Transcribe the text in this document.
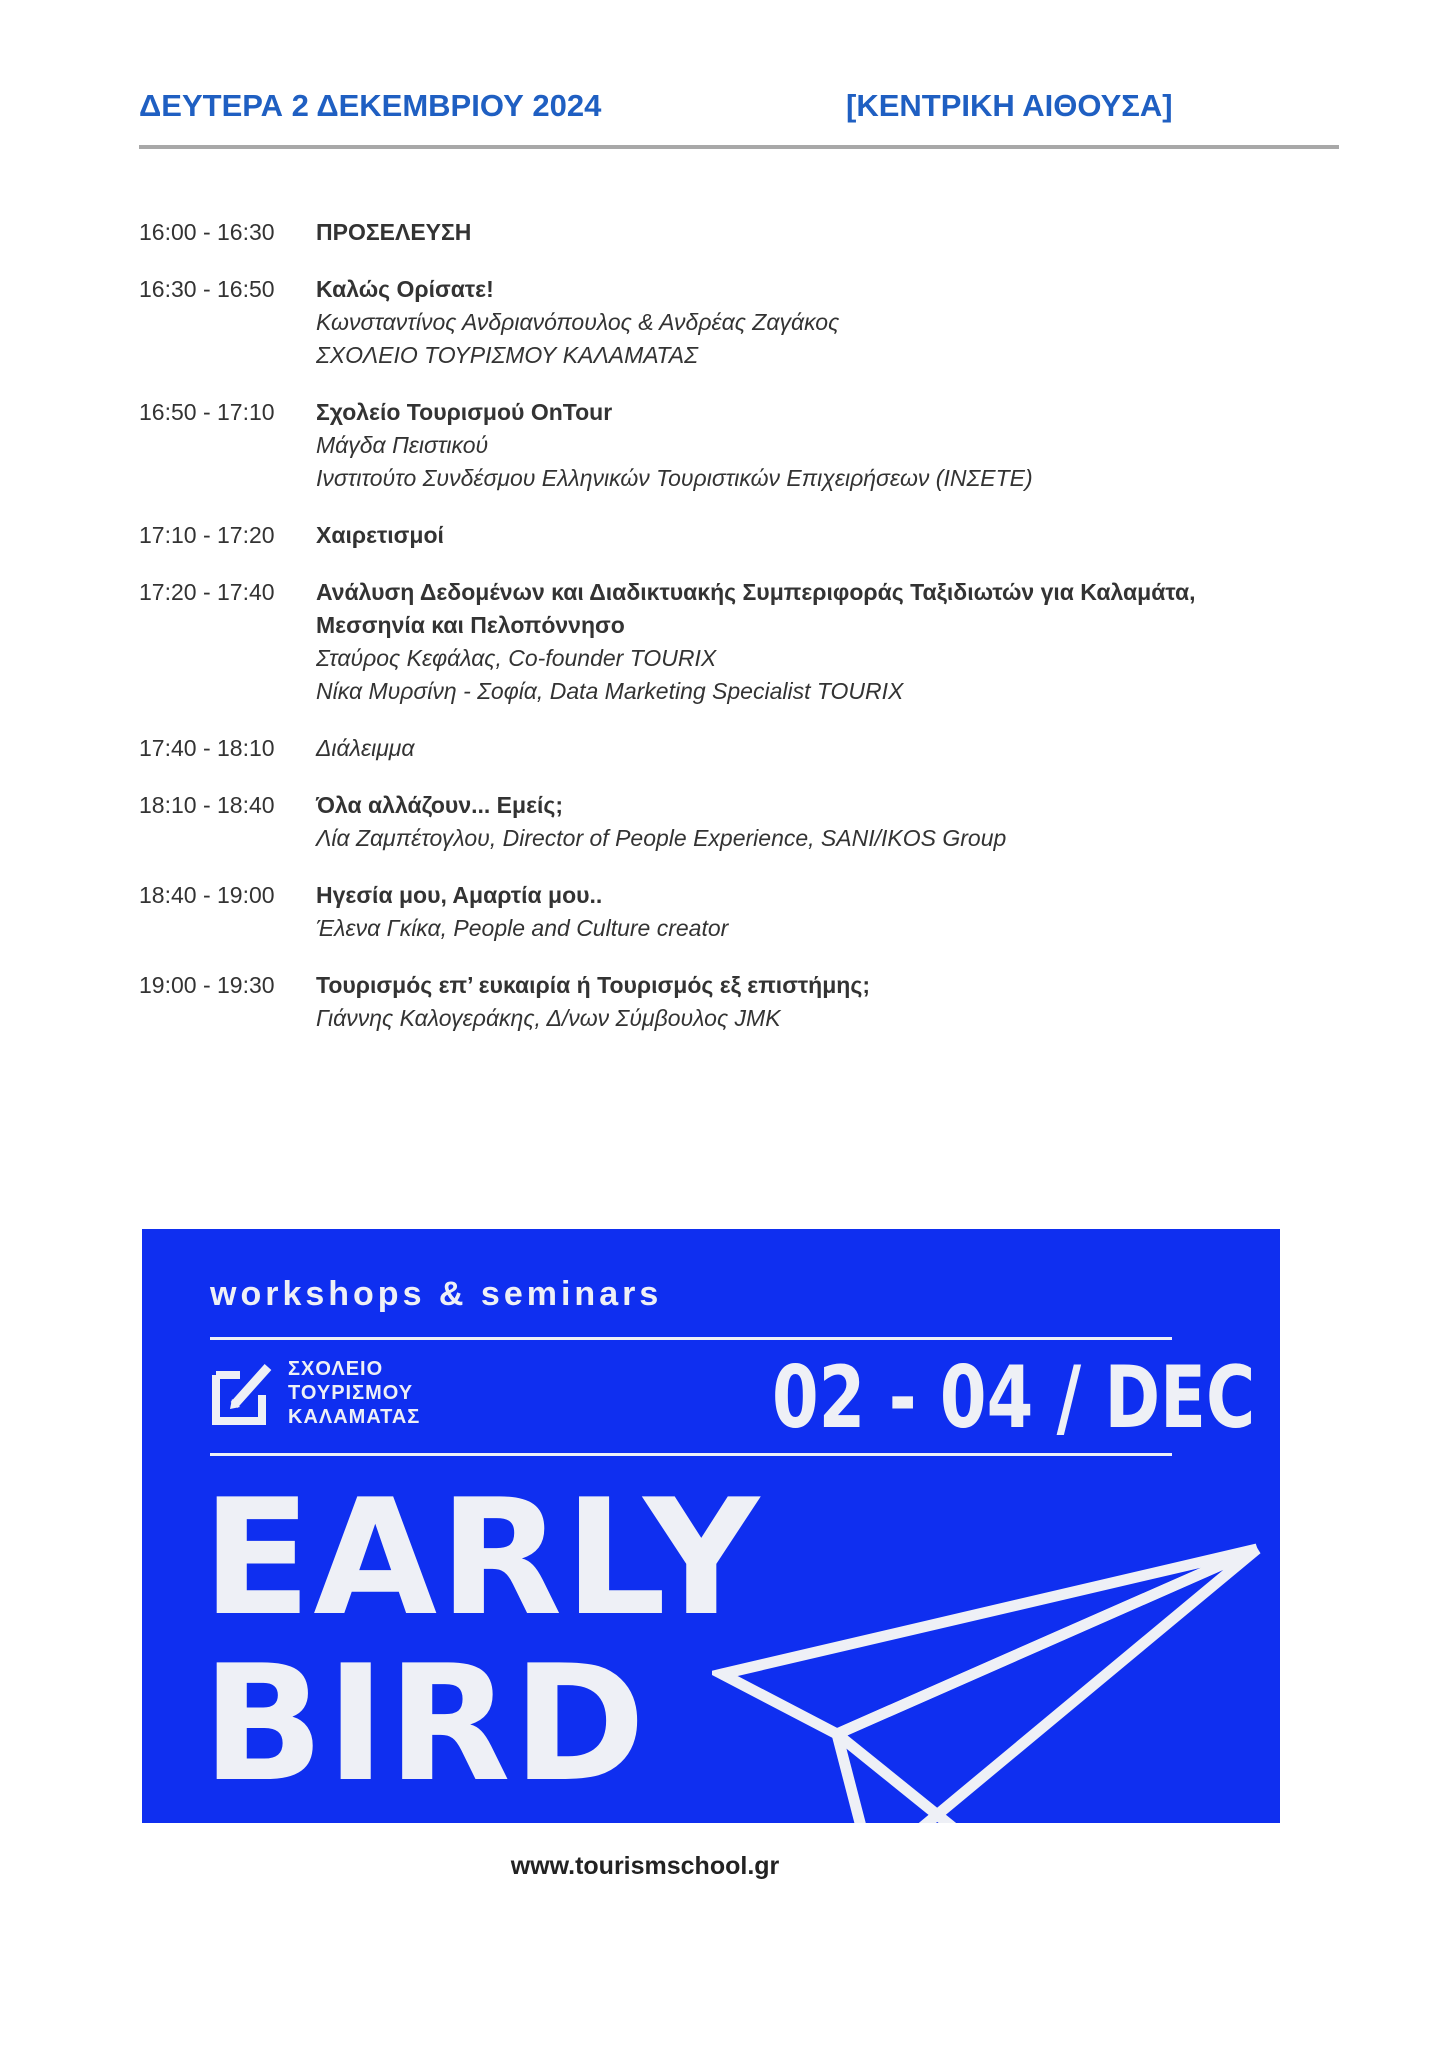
ΔΕΥΤΕΡΑ 2 ΔΕΚΕΜΒΡΙΟΥ 2024	[ΚΕΝΤΡΙΚΗ ΑΙΘΟΥΣΑ]
16:00 - 16:30 ΠΡΟΣΕΛΕΥΣΗ
16:30 - 16:50 Καλώς Ορίσατε!
Κωνσταντίνος Ανδριανόπουλος & Ανδρέας Ζαγάκος
ΣΧΟΛΕΙΟ ΤΟΥΡΙΣΜΟΥ ΚΑΛΑΜΑΤΑΣ
16:50 - 17:10 Σχολείο Τουρισμού OnTour
Μάγδα Πειστικού
Ινστιτούτο Συνδέσμου Ελληνικών Τουριστικών Επιχειρήσεων (ΙΝΣΕΤΕ)
17:10 - 17:20 Χαιρετισμοί
17:20 - 17:40 Ανάλυση Δεδομένων και Διαδικτυακής Συμπεριφοράς Ταξιδιωτών για Καλαμάτα,
Μεσσηνία και Πελοπόννησο
Σταύρος Κεφάλας, Co-founder TOURIX
Νίκα Μυρσίνη - Σοφία, Data Marketing Specialist TOURIX
17:40 - 18:10 Διάλειμμα
18:10 - 18:40 Όλα αλλάζουν... Εμείς;
Λία Ζαμπέτογλου, Director of People Experience, SANI/IKOS Group
18:40 - 19:00 Ηγεσία μου, Αμαρτία μου..
Έλενα Γκίκα, People and Culture creator
19:00 - 19:30 Τουρισμός επ’ ευκαιρία ή Τουρισμός εξ επιστήμης;
Γιάννης Καλογεράκης, Δ/νων Σύμβουλος JMK
workshops & seminars
ΣΧΟΛΕΙΟ
ΤΟΥΡΙΣΜΟΥ
ΚΑΛΑΜΑΤΑΣ	02 - 04 / DEC
EARLY
BIRD
www.tourismschool.gr
